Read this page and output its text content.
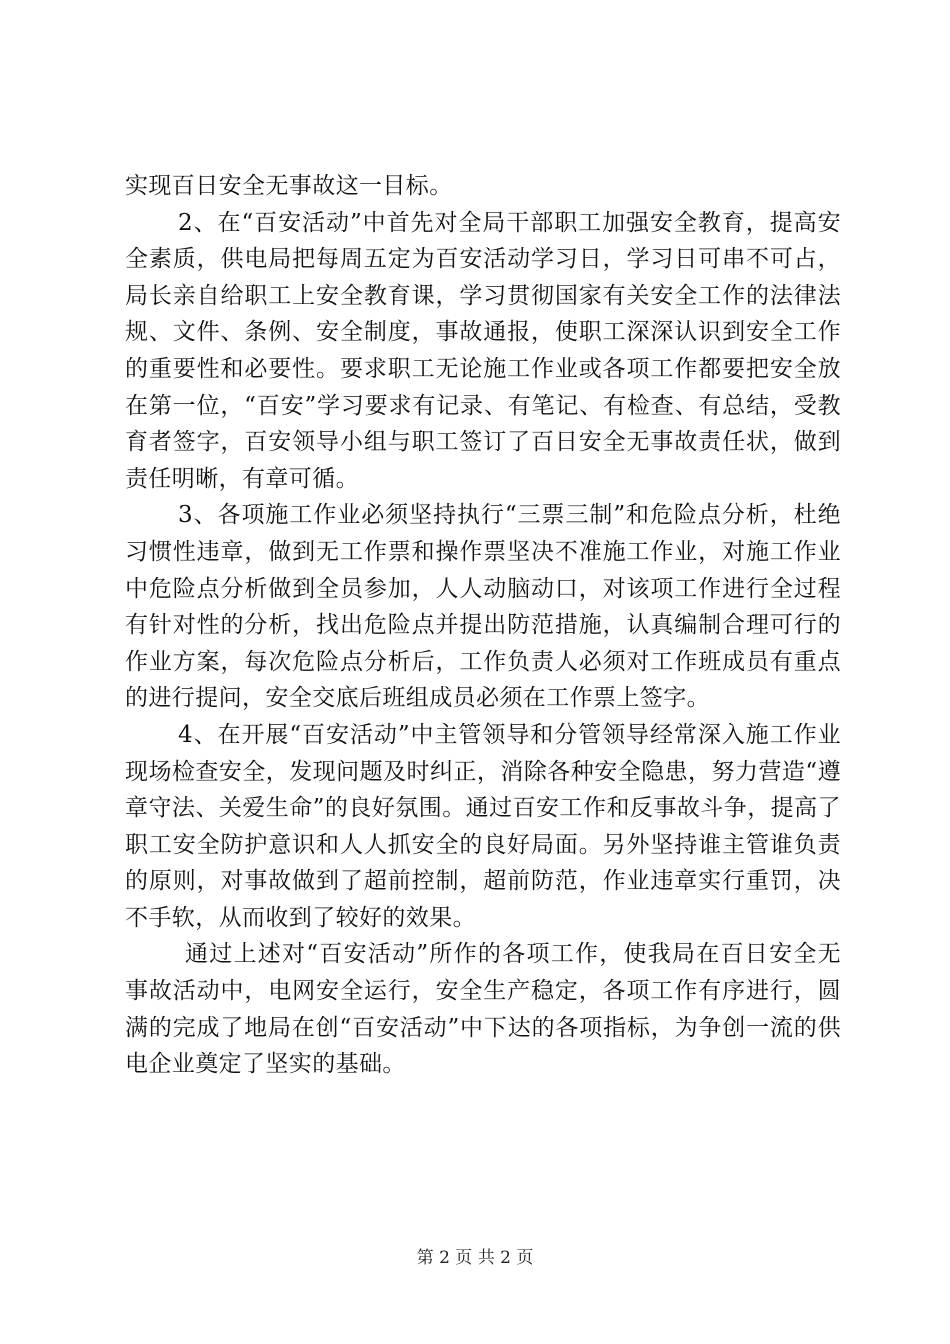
实现百日安全无事故这一目标。

2、在“百安活动”中首先对全局干部职工加强安全教育，提高安全素质，供电局把每周五定为百安活动学习日，学习日可串不可占，局长亲自给职工上安全教育课，学习贯彻国家有关安全工作的法律法规、文件、条例、安全制度，事故通报，使职工深深认识到安全工作的重要性和必要性。要求职工无论施工作业或各项工作都要把安全放在第一位，“百安”学习要求有记录、有笔记、有检查、有总结，受教育者签字，百安领导小组与职工签订了百日安全无事故责任状，做到责任明晰，有章可循。

3、各项施工作业必须坚持执行“三票三制”和危险点分析，杜绝习惯性违章，做到无工作票和操作票坚决不准施工作业，对施工作业中危险点分析做到全员参加，人人动脑动口，对该项工作进行全过程有针对性的分析，找出危险点并提出防范措施，认真编制合理可行的作业方案，每次危险点分析后，工作负责人必须对工作班成员有重点的进行提问，安全交底后班组成员必须在工作票上签字。

4、在开展“百安活动”中主管领导和分管领导经常深入施工作业现场检查安全，发现问题及时纠正，消除各种安全隐患，努力营造“遵章守法、关爱生命”的良好氛围。通过百安工作和反事故斗争，提高了职工安全防护意识和人人抓安全的良好局面。另外坚持谁主管谁负责的原则，对事故做到了超前控制，超前防范，作业违章实行重罚，决不手软，从而收到了较好的效果。

通过上述对“百安活动”所作的各项工作，使我局在百日安全无事故活动中，电网安全运行，安全生产稳定，各项工作有序进行，圆满的完成了地局在创“百安活动”中下达的各项指标，为争创一流的供电企业奠定了坚实的基础。

第 2 页 共 2 页
